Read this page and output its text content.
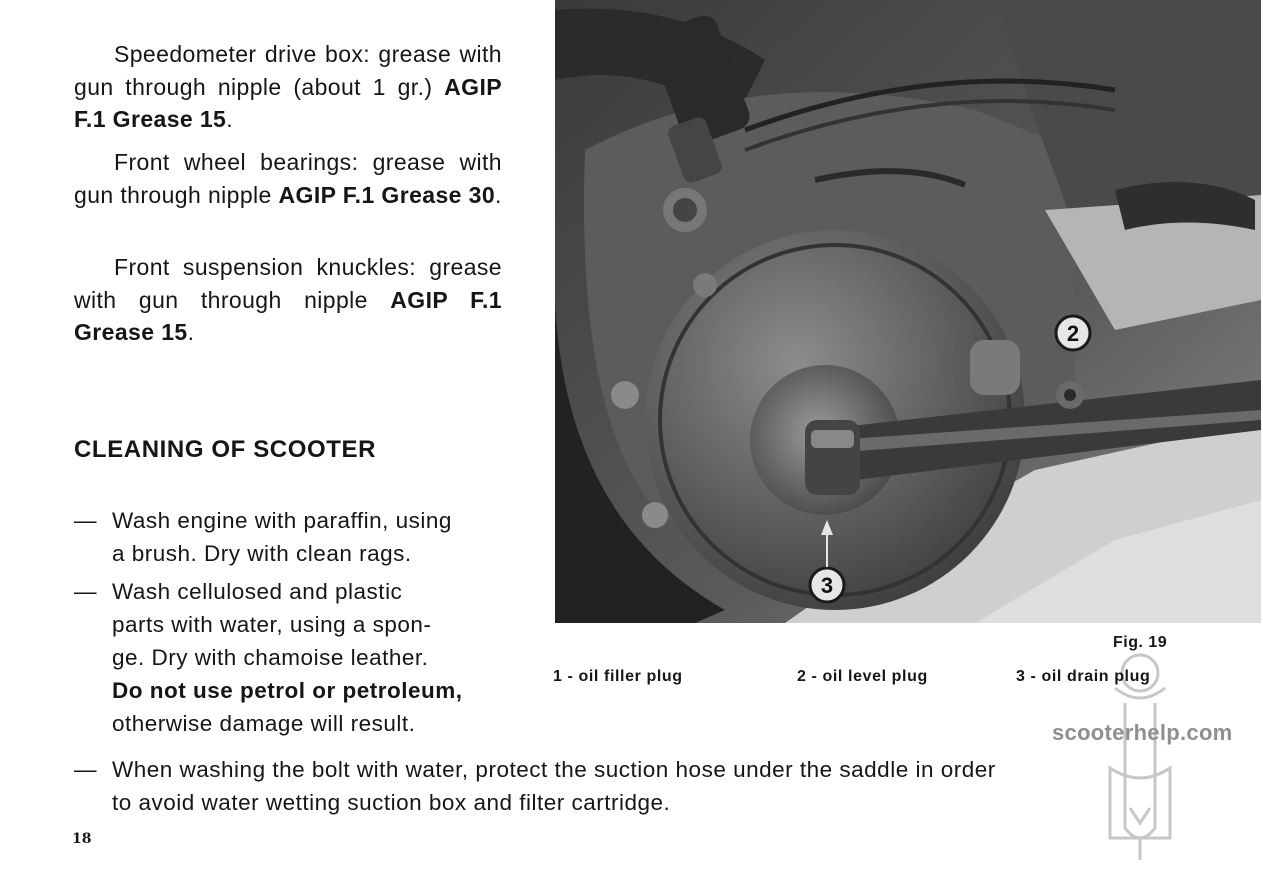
Speedometer drive box: grease with gun through nipple (about 1 gr.) AGIP F.1 Grease 15.

Front wheel bearings: grease with gun through nipple AGIP F.1 Grease 30.

Front suspension knuckles: grease with gun through nipple AGIP F.1 Grease 15.

CLEANING OF SCOOTER
— Wash engine with paraffin, using
a brush. Dry with clean rags.
— Wash cellulosed and plastic
parts with water, using a spon-
ge. Dry with chamoise leather.
Do not use petrol or petroleum,
otherwise damage will result.
— When washing the bolt with water, protect the suction hose under the saddle in order
to avoid water wetting suction box and filter cartridge.
2
3
Fig. 19
1 - oil filler plug	2 - oil level plug	3 - oil drain plug
scooterhelp.com
18
